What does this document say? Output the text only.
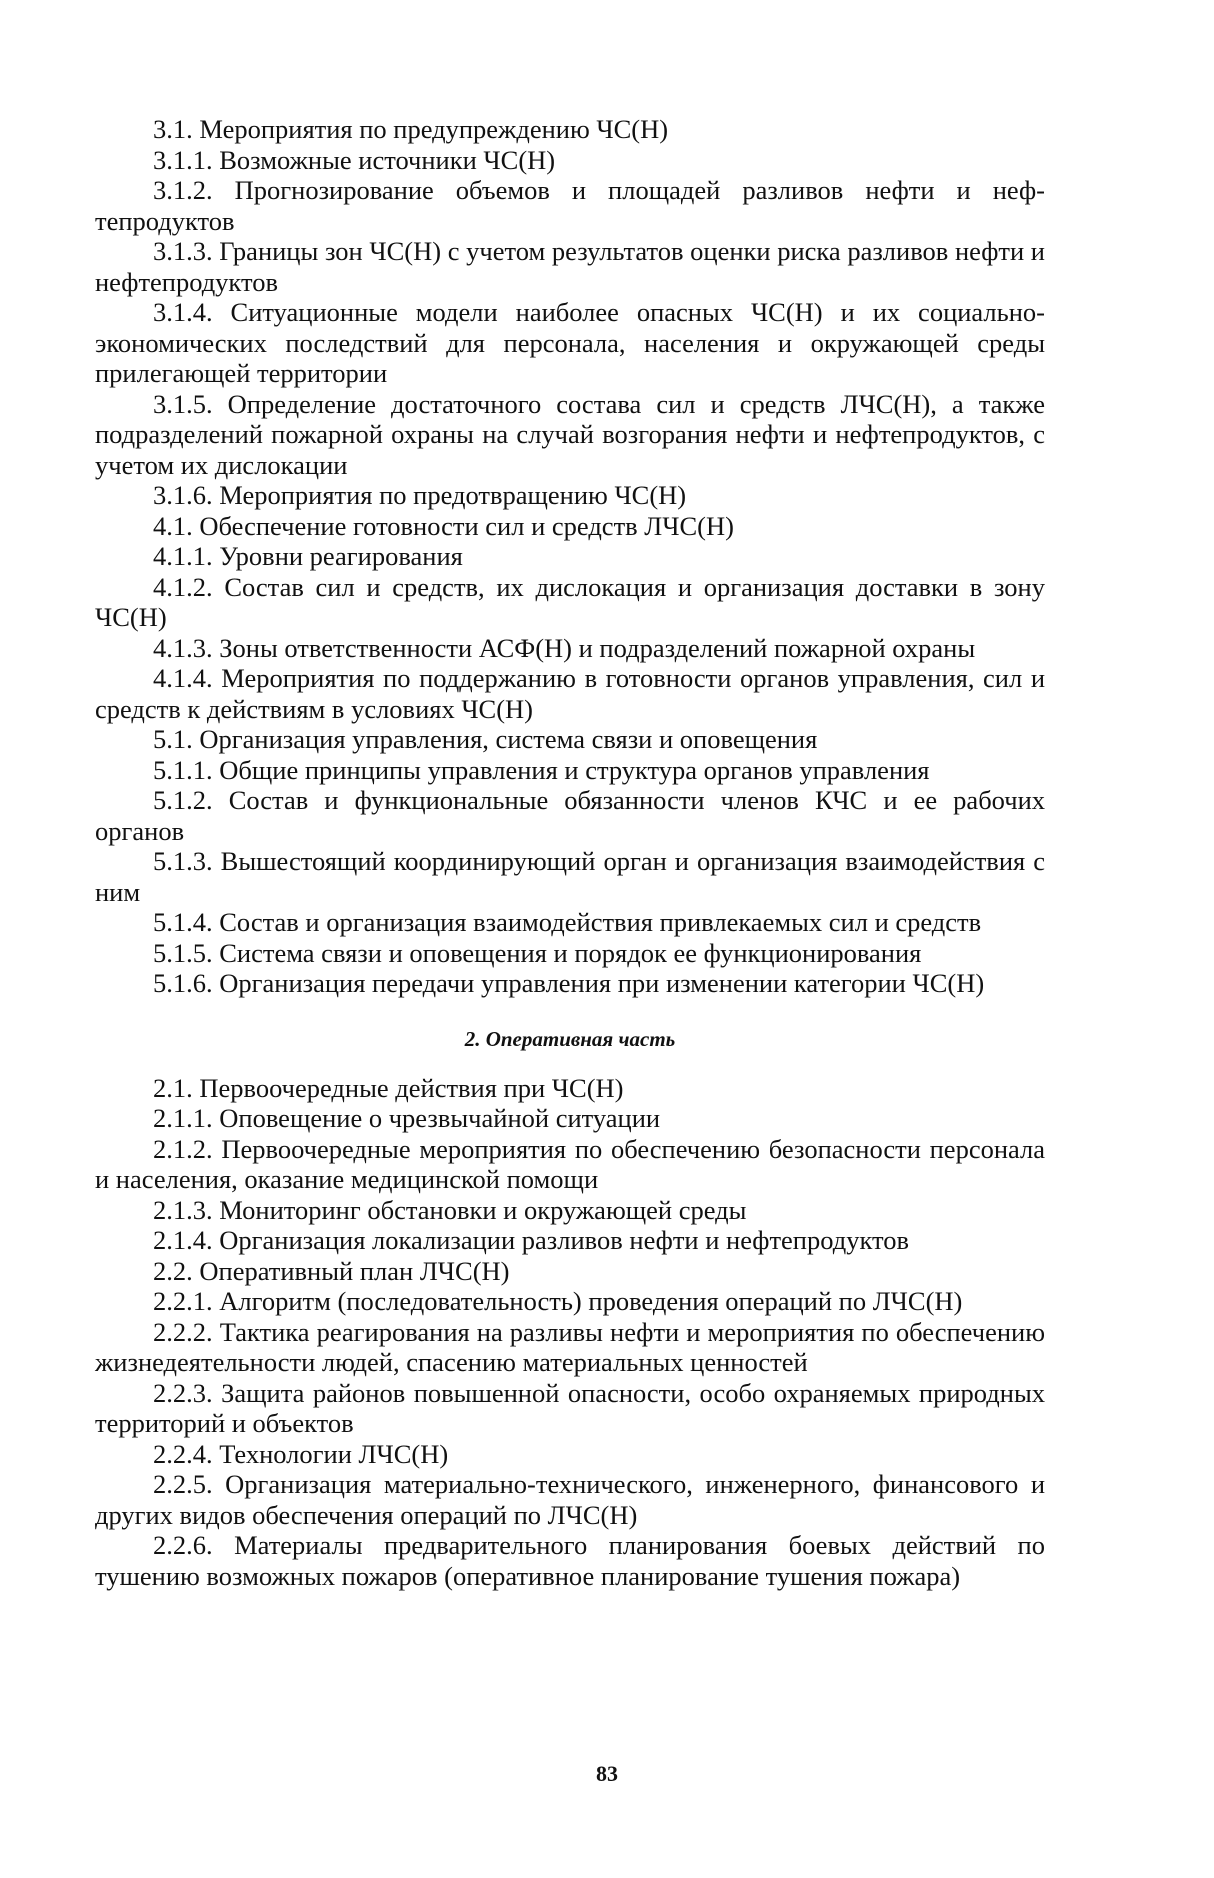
3.1. Мероприятия по предупреждению ЧС(Н)

3.1.1. Возможные источники ЧС(Н)

3.1.2. Прогнозирование объемов и площадей разливов нефти и нефтепродуктов

3.1.3. Границы зон ЧС(Н) с учетом результатов оценки риска разливов нефти и нефтепродуктов

3.1.4. Ситуационные модели наиболее опасных ЧС(Н) и их социально-экономических последствий для персонала, населения и окружающей среды прилегающей территории

3.1.5. Определение достаточного состава сил и средств ЛЧС(Н), а также подразделений пожарной охраны на случай возгорания нефти и нефтепродуктов, с учетом их дислокации

3.1.6. Мероприятия по предотвращению ЧС(Н)

4.1. Обеспечение готовности сил и средств ЛЧС(Н)

4.1.1. Уровни реагирования

4.1.2. Состав сил и средств, их дислокация и организация доставки в зону ЧС(Н)

4.1.3. Зоны ответственности АСФ(Н) и подразделений пожарной охраны

4.1.4. Мероприятия по поддержанию в готовности органов управления, сил и средств к действиям в условиях ЧС(Н)

5.1. Организация управления, система связи и оповещения

5.1.1. Общие принципы управления и структура органов управления

5.1.2. Состав и функциональные обязанности членов КЧС и ее рабочих органов

5.1.3. Вышестоящий координирующий орган и организация взаимодействия с ним

5.1.4. Состав и организация взаимодействия привлекаемых сил и средств

5.1.5. Система связи и оповещения и порядок ее функционирования

5.1.6. Организация передачи управления при изменении категории ЧС(Н)

2. Оперативная часть

2.1. Первоочередные действия при ЧС(Н)

2.1.1. Оповещение о чрезвычайной ситуации

2.1.2. Первоочередные мероприятия по обеспечению безопасности персонала и населения, оказание медицинской помощи

2.1.3. Мониторинг обстановки и окружающей среды

2.1.4. Организация локализации разливов нефти и нефтепродуктов

2.2. Оперативный план ЛЧС(Н)

2.2.1. Алгоритм (последовательность) проведения операций по ЛЧС(Н)

2.2.2. Тактика реагирования на разливы нефти и мероприятия по обеспечению жизнедеятельности людей, спасению материальных ценностей

2.2.3. Защита районов повышенной опасности, особо охраняемых природных территорий и объектов

2.2.4. Технологии ЛЧС(Н)

2.2.5. Организация материально-технического, инженерного, финансового и других видов обеспечения операций по ЛЧС(Н)

2.2.6. Материалы предварительного планирования боевых действий по тушению возможных пожаров (оперативное планирование тушения пожара)

83
